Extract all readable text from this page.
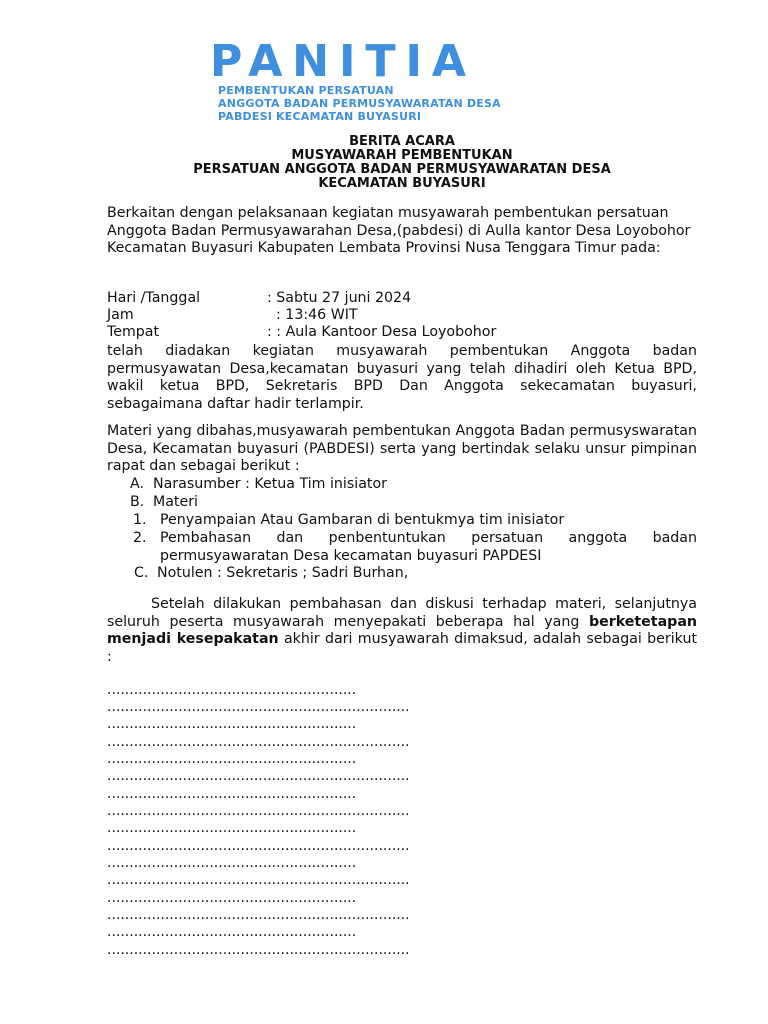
PANITIA
PEMBENTUKAN PERSATUAN
ANGGOTA BADAN PERMUSYAWARATAN DESA
PABDESI KECAMATAN BUYASURI
BERITA ACARA
MUSYAWARAH PEMBENTUKAN
PERSATUAN ANGGOTA BADAN PERMUSYAWARATAN DESA
KECAMATAN BUYASURI
Berkaitan dengan pelaksanaan kegiatan musyawarah pembentukan persatuan Anggota Badan Permusyawarahan Desa,(pabdesi) di Aulla kantor Desa Loyobohor Kecamatan Buyasuri Kabupaten Lembata Provinsi Nusa Tenggara Timur pada:
Hari /Tanggal	: Sabtu 27 juni 2024
Jam	: 13:46 WIT
Tempat	: : Aula Kantoor Desa Loyobohor
telah diadakan kegiatan musyawarah pembentukan Anggota badan permusyawatan Desa,kecamatan buyasuri yang telah dihadiri oleh Ketua BPD, wakil ketua BPD, Sekretaris BPD Dan Anggota sekecamatan buyasuri, sebagaimana daftar hadir terlampir.
Materi yang dibahas,musyawarah pembentukan Anggota Badan permusyswaratan Desa, Kecamatan buyasuri (PABDESI) serta yang bertindak selaku unsur pimpinan rapat dan sebagai berikut :
A. Narasumber : Ketua Tim inisiator
B. Materi
1. Penyampaian Atau Gambaran di bentukmya tim inisiator
2. Pembahasan dan penbentuntukan persatuan anggota badan permusyawaratan Desa kecamatan buyasuri PAPDESI
C. Notulen : Sekretaris ; Sadri Burhan,
Setelah dilakukan pembahasan dan diskusi terhadap materi, selanjutnya seluruh peserta musyawarah menyepakati beberapa hal yang berketetapan menjadi kesepakatan akhir dari musyawarah dimaksud, adalah sebagai berikut :
........................................................
....................................................................
........................................................
....................................................................
........................................................
....................................................................
........................................................
....................................................................
........................................................
....................................................................
........................................................
....................................................................
........................................................
....................................................................
........................................................
....................................................................
